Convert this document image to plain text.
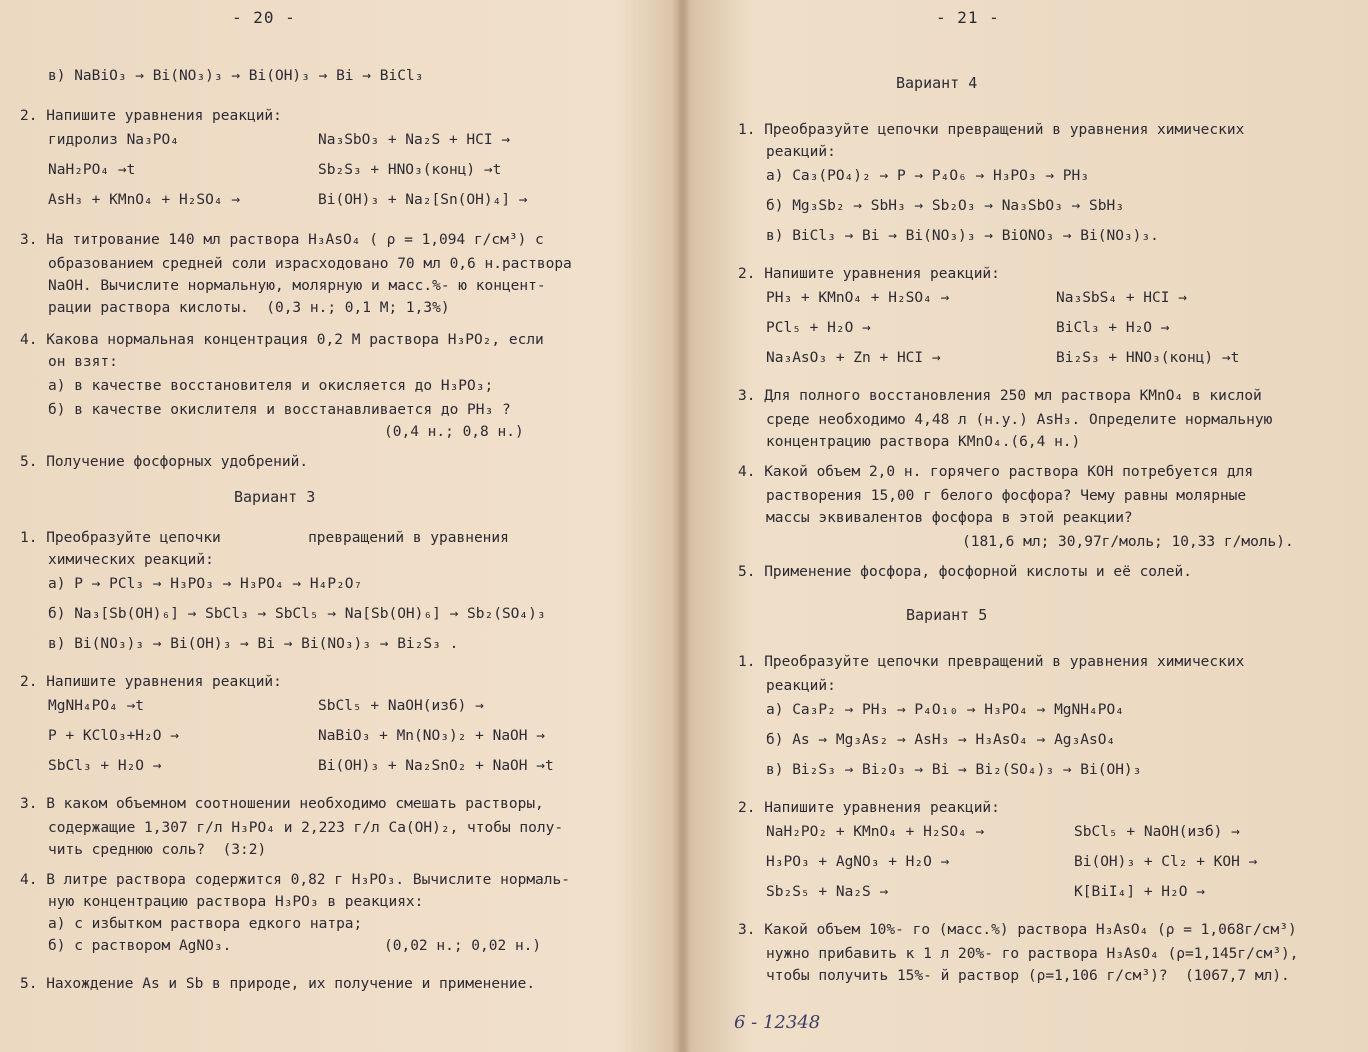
- 20 -
в) NaBiO₃ → Bi(NO₃)₃ → Bi(OH)₃ → Bi → BiCl₃
2. Напишите уравнения реакций:
гидролиз Na₃PO₄	Na₃SbO₃ + Na₂S + HCI →
NaH₂PO₄ →t	Sb₂S₃ + HNO₃(конц) →t
AsH₃ + KMnO₄ + H₂SO₄ →	Bi(OH)₃ + Na₂[Sn(OH)₄] →
3. На титрование 140 мл раствора H₃AsO₄ ( ρ = 1,094 г/см³) с
образованием средней соли израсходовано 70 мл 0,6 н.раствора
NaOH. Вычислите нормальную, молярную и масс.%- ю концент-
рации раствора кислоты.  (0,3 н.; 0,1 М; 1,3%)
4. Какова нормальная концентрация 0,2 М раствора H₃PO₂, если
он взят:
а) в качестве восстановителя и окисляется до H₃PO₃;
б) в качестве окислителя и восстанавливается до PH₃ ?
(0,4 н.; 0,8 н.)
5. Получение фосфорных удобрений.
Вариант 3
1. Преобразуйте цепочки          превращений в уравнения
химических реакций:
а) P → PCl₃ → H₃PO₃ → H₃PO₄ → H₄P₂O₇
б) Na₃[Sb(OH)₆] → SbCl₃ → SbCl₅ → Na[Sb(OH)₆] → Sb₂(SO₄)₃
в) Bi(NO₃)₃ → Bi(OH)₃ → Bi → Bi(NO₃)₃ → Bi₂S₃ .
2. Напишите уравнения реакций:
MgNH₄PO₄ →t	SbCl₅ + NaOH(изб) →
P + KClO₃+H₂O →	NaBiO₃ + Mn(NO₃)₂ + NaOH →
SbCl₃ + H₂O →	Bi(OH)₃ + Na₂SnO₂ + NaOH →t
3. В каком объемном соотношении необходимо смешать растворы,
содержащие 1,307 г/л H₃PO₄ и 2,223 г/л Ca(OH)₂, чтобы полу-
чить среднюю соль?  (3:2)
4. В литре раствора содержится 0,82 г H₃PO₃. Вычислите нормаль-
ную концентрацию раствора H₃PO₃ в реакциях:
а) с избытком раствора едкого натра;
б) с раствором AgNO₃.	(0,02 н.; 0,02 н.)
5. Нахождение As и Sb в природе, их получение и применение.
- 21 -
Вариант 4
1. Преобразуйте цепочки превращений в уравнения химических
реакций:
а) Ca₃(PO₄)₂ → P → P₄O₆ → H₃PO₃ → PH₃
б) Mg₃Sb₂ → SbH₃ → Sb₂O₃ → Na₃SbO₃ → SbH₃
в) BiCl₃ → Bi → Bi(NO₃)₃ → BiONO₃ → Bi(NO₃)₃.
2. Напишите уравнения реакций:
PH₃ + KMnO₄ + H₂SO₄ →	Na₃SbS₄ + HCI →
PCl₅ + H₂O →	BiCl₃ + H₂O →
Na₃AsO₃ + Zn + HCI →	Bi₂S₃ + HNO₃(конц) →t
3. Для полного восстановления 250 мл раствора KMnO₄ в кислой
среде необходимо 4,48 л (н.у.) AsH₃. Определите нормальную
концентрацию раствора KMnO₄.(6,4 н.)
4. Какой объем 2,0 н. горячего раствора KOH потребуется для
растворения 15,00 г белого фосфора? Чему равны молярные
массы эквивалентов фосфора в этой реакции?
(181,6 мл; 30,97г/моль; 10,33 г/моль).
5. Применение фосфора, фосфорной кислоты и её солей.
Вариант 5
1. Преобразуйте цепочки превращений в уравнения химических
реакций:
а) Ca₃P₂ → PH₃ → P₄O₁₀ → H₃PO₄ → MgNH₄PO₄
б) As → Mg₃As₂ → AsH₃ → H₃AsO₄ → Ag₃AsO₄
в) Bi₂S₃ → Bi₂O₃ → Bi → Bi₂(SO₄)₃ → Bi(OH)₃
2. Напишите уравнения реакций:
NaH₂PO₂ + KMnO₄ + H₂SO₄ →	SbCl₅ + NaOH(изб) →
H₃PO₃ + AgNO₃ + H₂O →	Bi(OH)₃ + Cl₂ + KOH →
Sb₂S₅ + Na₂S →	K[BiI₄] + H₂O →
3. Какой объем 10%- го (масс.%) раствора H₃AsO₄ (ρ = 1,068г/см³)
нужно прибавить к 1 л 20%- го раствора H₃AsO₄ (ρ=1,145г/см³),
чтобы получить 15%- й раствор (ρ=1,106 г/см³)?  (1067,7 мл).
6 - 12348
